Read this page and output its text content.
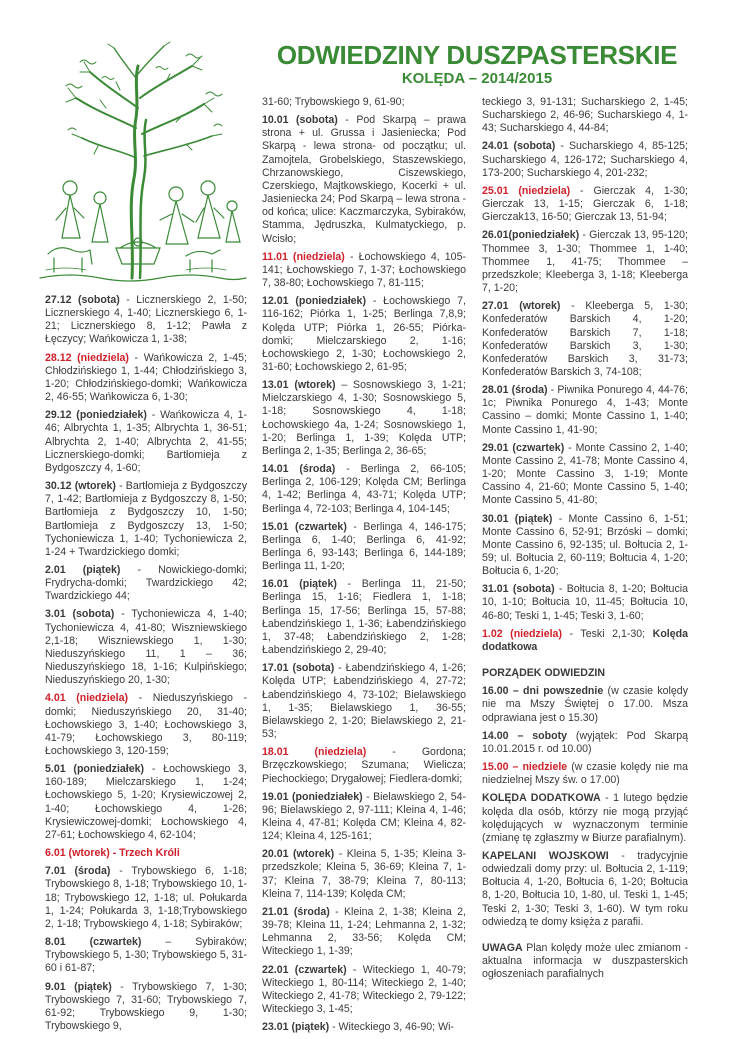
ODWIEDZINY DUSZPASTERSKIE
KOLĘDA – 2014/2015

27.12 (sobota) - Licznerskiego 2, 1-50; Licznerskiego 4, 1-40; Licznerskiego 6, 1-21; Licznerskiego 8, 1-12; Pawła z Łęczycy; Wańkowicza 1, 1-38;

28.12 (niedziela) - Wańkowicza 2, 1-45; Chłodzińskiego 1, 1-44; Chłodzińskiego 3, 1-20; Chłodzińskiego-domki; Wańkowicza 2, 46-55; Wańkowicza 6, 1-30;

29.12 (poniedziałek) - Wańkowicza 4, 1-46; Albrychta 1, 1-35; Albrychta 1, 36-51; Albrychta 2, 1-40; Albrychta 2, 41-55; Licznerskiego-domki; Bartłomieja z Bydgoszczy 4, 1-60;

30.12 (wtorek) - Bartłomieja z Bydgoszczy 7, 1-42; Bartłomieja z Bydgoszczy 8, 1-50; Bartłomieja z Bydgoszczy 10, 1-50; Bartłomieja z Bydgoszczy 13, 1-50; Tychoniewicza 1, 1-40; Tychoniewicza 2, 1-24 + Twardzickiego domki;

2.01 (piątek) - Nowickiego-domki; Frydrycha-domki; Twardzickiego 42; Twardzickiego 44;

3.01 (sobota) - Tychoniewicza 4, 1-40; Tychoniewicza 4, 41-80; Wiszniewskiego 2,1-18; Wiszniewskiego 1, 1-30; Nieduszyńskiego 11, 1 – 36; Nieduszyńskiego 18, 1-16; Kulpińskiego; Nieduszyńskiego 20, 1-30;

4.01 (niedziela) - Nieduszyńskiego - domki; Nieduszyńskiego 20, 31-40; Łochowskiego 3, 1-40; Łochowskiego 3, 41-79; Łochowskiego 3, 80-119; Łochowskiego 3, 120-159;

5.01 (poniedziałek) - Łochowskiego 3, 160-189; Mielczarskiego 1, 1-24; Łochowskiego 5, 1-20; Krysiewiczowej 2, 1-40; Łochowskiego 4, 1-26; Krysiewiczowej-domki; Łochowskiego 4, 27-61; Łochowskiego 4, 62-104;

6.01 (wtorek) - Trzech Króli

7.01 (środa) - Trybowskiego 6, 1-18; Trybowskiego 8, 1-18; Trybowskiego 10, 1-18; Trybowskiego 12, 1-18; ul. Połukarda 1, 1-24; Połukarda 3, 1-18;Trybowskiego 2, 1-18; Trybowskiego 4, 1-18; Sybiraków;

8.01 (czwartek) – Sybiraków; Trybowskiego 5, 1-30; Trybowskiego 5, 31-60 i 61-87;

9.01 (piątek) - Trybowskiego 7, 1-30; Trybowskiego 7, 31-60; Trybowskiego 7, 61-92; Trybowskiego 9, 1-30; Trybowskiego 9,

31-60; Trybowskiego 9, 61-90;

10.01 (sobota) - Pod Skarpą – prawa strona + ul. Grussa i Jasieniecka; Pod Skarpą - lewa strona- od początku; ul. Zamojtela, Grobelskiego, Staszewskiego, Chrzanowskiego, Ciszewskiego, Czerskiego, Majtkowskiego, Kocerki + ul. Jasieniecka 24; Pod Skarpą – lewa strona - od końca; ulice: Kaczmarczyka, Sybiraków, Stamma, Jędruszka, Kulmatyckiego, p. Wcisło;

11.01 (niedziela) - Łochowskiego 4, 105-141; Łochowskiego 7, 1-37; Łochowskiego 7, 38-80; Łochowskiego 7, 81-115;

12.01 (poniedziałek) - Łochowskiego 7, 116-162; Piórka 1, 1-25; Berlinga 7,8,9; Kolęda UTP; Piórka 1, 26-55; Piórka-domki; Mielczarskiego 2, 1-16; Łochowskiego 2, 1-30; Łochowskiego 2, 31-60; Łochowskiego 2, 61-95;

13.01 (wtorek) – Sosnowskiego 3, 1-21; Mielczarskiego 4, 1-30; Sosnowskiego 5, 1-18; Sosnowskiego 4, 1-18; Łochowskiego 4a, 1-24; Sosnowskiego 1, 1-20; Berlinga 1, 1-39; Kolęda UTP; Berlinga 2, 1-35; Berlinga 2, 36-65;

14.01 (środa) - Berlinga 2, 66-105; Berlinga 2, 106-129; Kolęda CM; Berlinga 4, 1-42; Berlinga 4, 43-71; Kolęda UTP; Berlinga 4, 72-103; Berlinga 4, 104-145;

15.01 (czwartek) - Berlinga 4, 146-175; Berlinga 6, 1-40; Berlinga 6, 41-92; Berlinga 6, 93-143; Berlinga 6, 144-189; Berlinga 11, 1-20;

16.01 (piątek) - Berlinga 11, 21-50; Berlinga 15, 1-16; Fiedlera 1, 1-18; Berlinga 15, 17-56; Berlinga 15, 57-88; Łabendzińskiego 1, 1-36; Łabendzińskiego 1, 37-48; Łabendzińskiego 2, 1-28; Łabendzińskiego 2, 29-40;

17.01 (sobota) - Łabendzińskiego 4, 1-26; Kolęda UTP; Łabendzińskiego 4, 27-72; Łabendzińskiego 4, 73-102; Bielawskiego 1, 1-35; Bielawskiego 1, 36-55; Bielawskiego 2, 1-20; Bielawskiego 2, 21-53;

18.01 (niedziela) - Gordona; Brzęczkowskiego; Szumana; Wielicza; Piechockiego; Drygałowej; Fiedlera-domki;

19.01 (poniedziałek) - Bielawskiego 2, 54-96; Bielawskiego 2, 97-111; Kleina 4, 1-46; Kleina 4, 47-81; Kolęda CM; Kleina 4, 82-124; Kleina 4, 125-161;

20.01 (wtorek) - Kleina 5, 1-35; Kleina 3-przedszkole; Kleina 5, 36-69; Kleina 7, 1-37; Kleina 7, 38-79; Kleina 7, 80-113; Kleina 7, 114-139; Kolęda CM;

21.01 (środa) - Kleina 2, 1-38; Kleina 2, 39-78; Kleina 11, 1-24; Lehmanna 2, 1-32; Lehmanna 2, 33-56; Kolęda CM; Witeckiego 1, 1-39;

22.01 (czwartek) - Witeckiego 1, 40-79; Witeckiego 1, 80-114; Witeckiego 2, 1-40; Witeckiego 2, 41-78; Witeckiego 2, 79-122; Witeckiego 3, 1-45;

23.01 (piątek) - Witeckiego 3, 46-90; Wi-

teckiego 3, 91-131; Sucharskiego 2, 1-45; Sucharskiego 2, 46-96; Sucharskiego 4, 1-43; Sucharskiego 4, 44-84;

24.01 (sobota) - Sucharskiego 4, 85-125; Sucharskiego 4, 126-172; Sucharskiego 4, 173-200; Sucharskiego 4, 201-232;

25.01 (niedziela) - Gierczak 4, 1-30; Gierczak 13, 1-15; Gierczak 6, 1-18; Gierczak13, 16-50; Gierczak 13, 51-94;

26.01(poniedziałek) - Gierczak 13, 95-120; Thommee 3, 1-30; Thommee 1, 1-40; Thommee 1, 41-75; Thommee – przedszkole; Kleeberga 3, 1-18; Kleeberga 7, 1-20;

27.01 (wtorek) - Kleeberga 5, 1-30; Konfederatów Barskich 4, 1-20; Konfederatów Barskich 7, 1-18; Konfederatów Barskich 3, 1-30; Konfederatów Barskich 3, 31-73; Konfederatów Barskich 3, 74-108;

28.01 (środa) - Piwnika Ponurego 4, 44-76; 1c; Piwnika Ponurego 4, 1-43; Monte Cassino – domki; Monte Cassino 1, 1-40; Monte Cassino 1, 41-90;

29.01 (czwartek) - Monte Cassino 2, 1-40; Monte Cassino 2, 41-78; Monte Cassino 4, 1-20; Monte Cassino 3, 1-19; Monte Cassino 4, 21-60; Monte Cassino 5, 1-40; Monte Cassino 5, 41-80;

30.01 (piątek) - Monte Cassino 6, 1-51; Monte Cassino 6, 52-91; Brzóski – domki; Monte Cassino 6, 92-135; ul. Bołtucia 2, 1-59; ul. Bołtucia 2, 60-119; Bołtucia 4, 1-20; Bołtucia 6, 1-20;

31.01 (sobota) - Bołtucia 8, 1-20; Bołtucia 10, 1-10; Bołtucia 10, 11-45; Bołtucia 10, 46-80; Teski 1, 1-45; Teski 3, 1-60;

1.02 (niedziela) - Teski 2,1-30; Kolęda dodatkowa

PORZĄDEK ODWIEDZIN

16.00 – dni powszednie (w czasie kolędy nie ma Mszy Świętej o 17.00. Msza odprawiana jest o 15.30)

14.00 – soboty (wyjątek: Pod Skarpą 10.01.2015 r. od 10.00)

15.00 – niedziele (w czasie kolędy nie ma niedzielnej Mszy św. o 17.00)

KOLĘDA DODATKOWA - 1 lutego będzie kolęda dla osób, którzy nie mogą przyjąć kolędujących w wyznaczonym terminie (zmianę tę zgłaszmy w Biurze parafialnym).

KAPELANI WOJSKOWI - tradycyjnie odwiedzali domy przy: ul. Bołtucia 2, 1-119; Bołtucia 4, 1-20, Bołtucia 6, 1-20; Bołtucia 8, 1-20, Bołtucia 10, 1-80, ul. Teski 1, 1-45; Teski 2, 1-30; Teski 3, 1-60). W tym roku odwiedzą te domy księża z parafii.

UWAGA Plan kolędy może ulec zmianom - aktualna informacja w duszpasterskich ogłoszeniach parafialnych
